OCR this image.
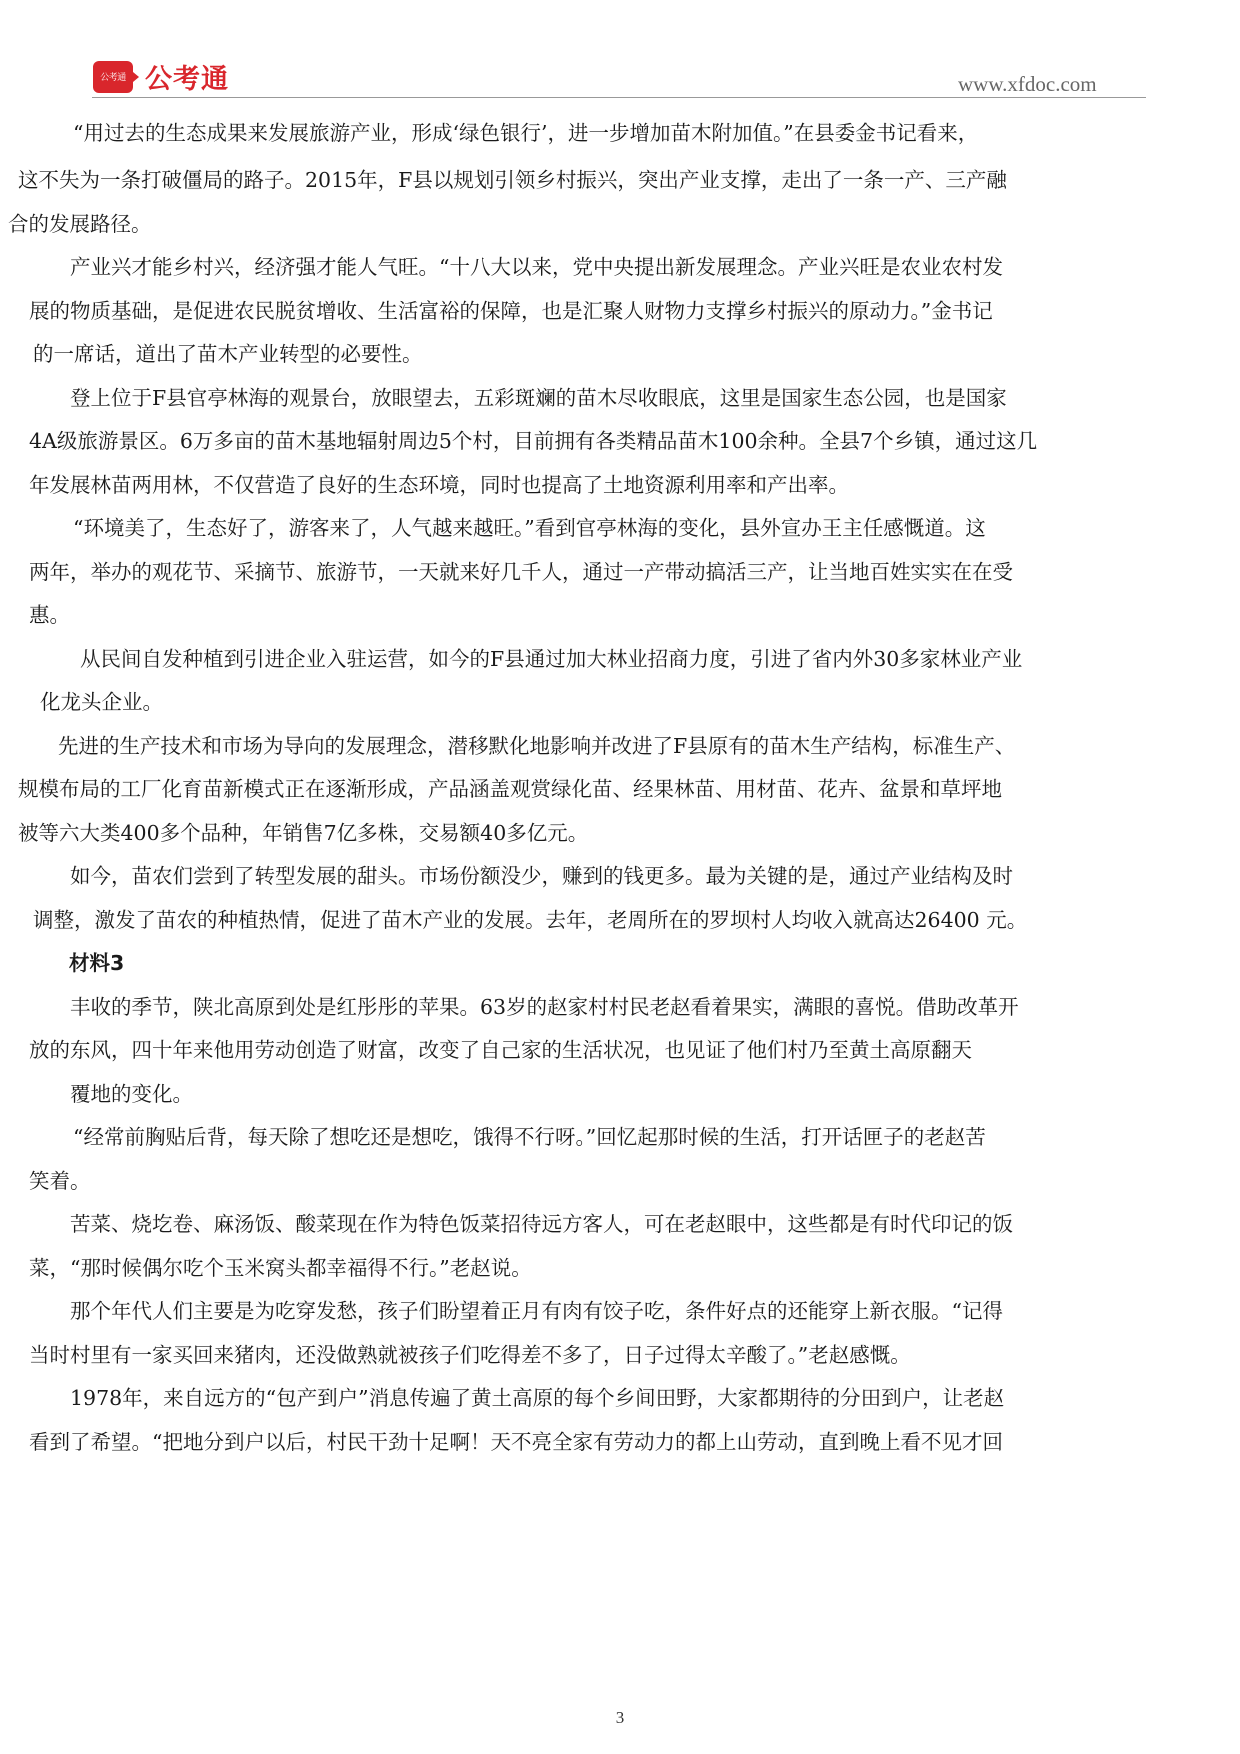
公考通 公考通	www.xfdoc.com
“用过去的生态成果来发展旅游产业，形成‘绿色银行’，进一步增加苗木附加值。”在县委金书记看来，
这不失为一条打破僵局的路子。2015年，F县以规划引领乡村振兴，突出产业支撑，走出了一条一产、三产融
合的发展路径。
产业兴才能乡村兴，经济强才能人气旺。“十八大以来，党中央提出新发展理念。产业兴旺是农业农村发
展的物质基础，是促进农民脱贫增收、生活富裕的保障，也是汇聚人财物力支撑乡村振兴的原动力。”金书记
的一席话，道出了苗木产业转型的必要性。
登上位于F县官亭林海的观景台，放眼望去，五彩斑斓的苗木尽收眼底，这里是国家生态公园，也是国家
4A级旅游景区。6万多亩的苗木基地辐射周边5个村，目前拥有各类精品苗木100余种。全县7个乡镇，通过这几
年发展林苗两用林，不仅营造了良好的生态环境，同时也提高了土地资源利用率和产出率。
“环境美了，生态好了，游客来了，人气越来越旺。”看到官亭林海的变化，县外宣办王主任感慨道。这
两年，举办的观花节、采摘节、旅游节，一天就来好几千人，通过一产带动搞活三产，让当地百姓实实在在受
惠。
从民间自发种植到引进企业入驻运营，如今的F县通过加大林业招商力度，引进了省内外30多家林业产业
化龙头企业。
先进的生产技术和市场为导向的发展理念，潜移默化地影响并改进了F县原有的苗木生产结构，标准生产、
规模布局的工厂化育苗新模式正在逐渐形成，产品涵盖观赏绿化苗、经果林苗、用材苗、花卉、盆景和草坪地
被等六大类400多个品种，年销售7亿多株，交易额40多亿元。
如今，苗农们尝到了转型发展的甜头。市场份额没少，赚到的钱更多。最为关键的是，通过产业结构及时
调整，激发了苗农的种植热情，促进了苗木产业的发展。去年，老周所在的罗坝村人均收入就高达26400 元。
材料3
丰收的季节，陕北高原到处是红彤彤的苹果。63岁的赵家村村民老赵看着果实，满眼的喜悦。借助改革开
放的东风，四十年来他用劳动创造了财富，改变了自己家的生活状况，也见证了他们村乃至黄土高原翻天
覆地的变化。
“经常前胸贴后背，每天除了想吃还是想吃，饿得不行呀。”回忆起那时候的生活，打开话匣子的老赵苦
笑着。
苦菜、烧圪卷、麻汤饭、酸菜现在作为特色饭菜招待远方客人，可在老赵眼中，这些都是有时代印记的饭
菜，“那时候偶尔吃个玉米窝头都幸福得不行。”老赵说。
那个年代人们主要是为吃穿发愁，孩子们盼望着正月有肉有饺子吃，条件好点的还能穿上新衣服。“记得
当时村里有一家买回来猪肉，还没做熟就被孩子们吃得差不多了，日子过得太辛酸了。”老赵感慨。
1978年，来自远方的“包产到户”消息传遍了黄土高原的每个乡间田野，大家都期待的分田到户，让老赵
看到了希望。“把地分到户以后，村民干劲十足啊！天不亮全家有劳动力的都上山劳动，直到晚上看不见才回
3
